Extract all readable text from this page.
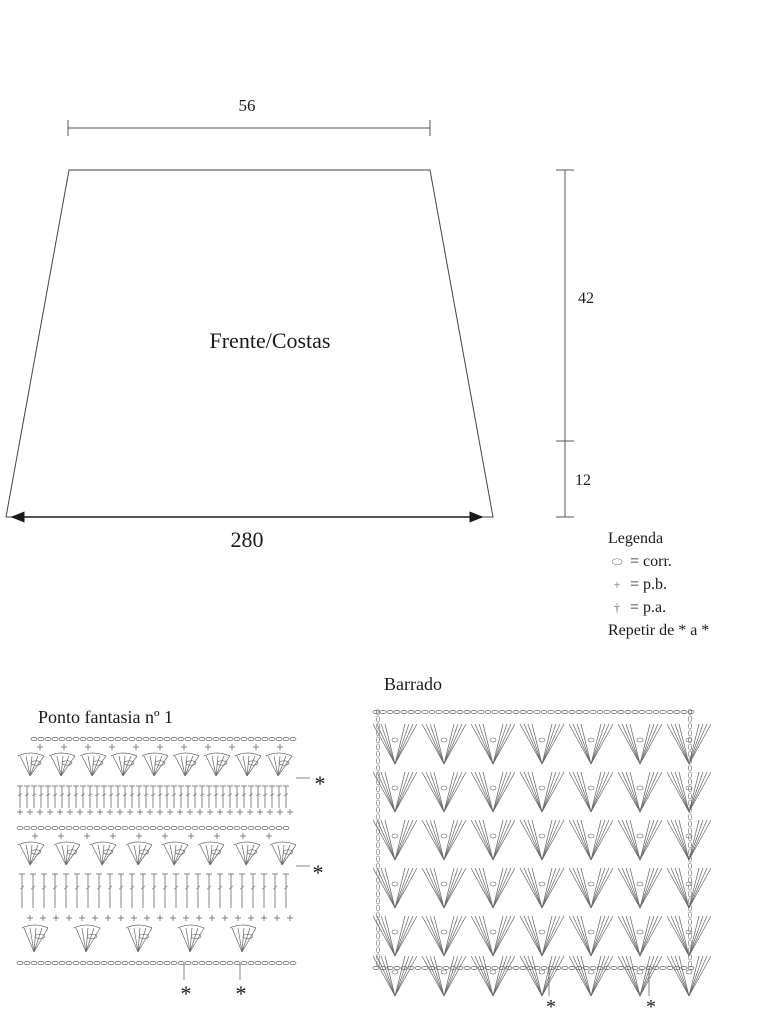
56
Frente/Costas
280
42
12
Ponto fantasia nº 1
Barrado
*
*
* *
*	*
Legenda
⬭ = corr.
+ = p.b.
† = p.a.
Repetir de * a *
